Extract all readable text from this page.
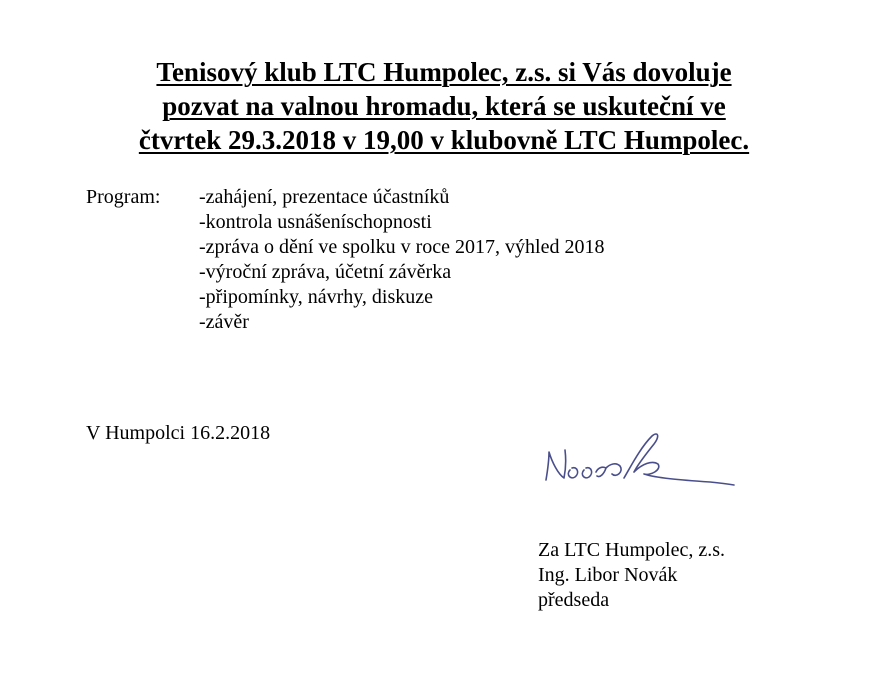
Tenisový klub LTC Humpolec, z.s. si Vás dovoluje
pozvat na valnou hromadu, která se uskuteční ve
čtvrtek 29.3.2018 v 19,00 v klubovně LTC Humpolec.
Program: -zahájení, prezentace účastníků
-kontrola usnášeníschopnosti
-zpráva o dění ve spolku v roce 2017, výhled 2018
-výroční zpráva, účetní závěrka
-připomínky, návrhy, diskuze
-závěr
V Humpolci 16.2.2018
Za LTC Humpolec, z.s.
Ing. Libor Novák
předseda
